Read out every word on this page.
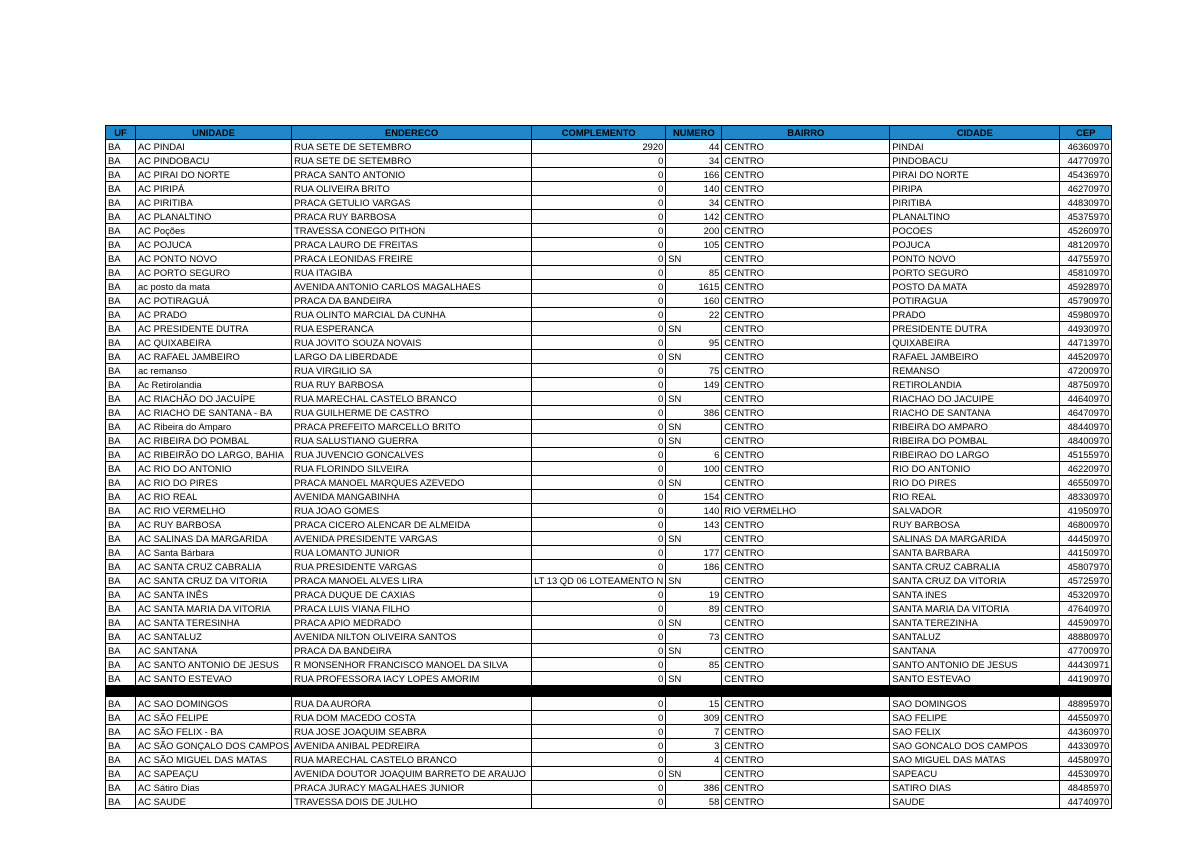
UF	UNIDADE	ENDERECO	COMPLEMENTO	NUMERO	BAIRRO	CIDADE	CEP
BA	AC PINDAI	RUA SETE DE SETEMBRO	2920	44	CENTRO	PINDAI	46360970
BA	AC PINDOBACU	RUA SETE DE SETEMBRO	0	34	CENTRO	PINDOBACU	44770970
BA	AC PIRAI DO NORTE	PRACA SANTO ANTONIO	0	166	CENTRO	PIRAI DO NORTE	45436970
BA	AC PIRIPÁ	RUA OLIVEIRA BRITO	0	140	CENTRO	PIRIPA	46270970
BA	AC PIRITIBA	PRACA GETULIO VARGAS	0	34	CENTRO	PIRITIBA	44830970
BA	AC PLANALTINO	PRACA RUY BARBOSA	0	142	CENTRO	PLANALTINO	45375970
BA	AC Poções	TRAVESSA CONEGO PITHON	0	200	CENTRO	POCOES	45260970
BA	AC POJUCA	PRACA LAURO DE FREITAS	0	105	CENTRO	POJUCA	48120970
BA	AC PONTO NOVO	PRACA LEONIDAS FREIRE	0	SN	CENTRO	PONTO NOVO	44755970
BA	AC PORTO SEGURO	RUA ITAGIBA	0	85	CENTRO	PORTO SEGURO	45810970
BA	ac posto da mata	AVENIDA ANTONIO CARLOS MAGALHAES	0	1615	CENTRO	POSTO DA MATA	45928970
BA	AC POTIRAGUÁ	PRACA DA BANDEIRA	0	160	CENTRO	POTIRAGUA	45790970
BA	AC PRADO	RUA OLINTO MARCIAL DA CUNHA	0	22	CENTRO	PRADO	45980970
BA	AC PRESIDENTE DUTRA	RUA ESPERANCA	0	SN	CENTRO	PRESIDENTE DUTRA	44930970
BA	AC QUIXABEIRA	RUA JOVITO SOUZA NOVAIS	0	95	CENTRO	QUIXABEIRA	44713970
BA	AC RAFAEL JAMBEIRO	LARGO DA LIBERDADE	0	SN	CENTRO	RAFAEL JAMBEIRO	44520970
BA	ac remanso	RUA VIRGILIO SA	0	75	CENTRO	REMANSO	47200970
BA	Ac Retirolandia	RUA RUY BARBOSA	0	149	CENTRO	RETIROLANDIA	48750970
BA	AC RIACHÃO DO JACUÍPE	RUA MARECHAL CASTELO BRANCO	0	SN	CENTRO	RIACHAO DO JACUIPE	44640970
BA	AC RIACHO DE SANTANA - BA	RUA GUILHERME DE CASTRO	0	386	CENTRO	RIACHO DE SANTANA	46470970
BA	AC Ribeira do Amparo	PRACA PREFEITO MARCELLO BRITO	0	SN	CENTRO	RIBEIRA DO AMPARO	48440970
BA	AC RIBEIRA DO POMBAL	RUA SALUSTIANO GUERRA	0	SN	CENTRO	RIBEIRA DO POMBAL	48400970
BA	AC RIBEIRÃO DO LARGO, BAHIA	RUA JUVENCIO GONCALVES	0	6	CENTRO	RIBEIRAO DO LARGO	45155970
BA	AC RIO DO ANTONIO	RUA FLORINDO SILVEIRA	0	100	CENTRO	RIO DO ANTONIO	46220970
BA	AC RIO DO PIRES	PRACA MANOEL MARQUES AZEVEDO	0	SN	CENTRO	RIO DO PIRES	46550970
BA	AC RIO REAL	AVENIDA MANGABINHA	0	154	CENTRO	RIO REAL	48330970
BA	AC RIO VERMELHO	RUA JOAO GOMES	0	140	RIO VERMELHO	SALVADOR	41950970
BA	AC RUY BARBOSA	PRACA CICERO ALENCAR DE ALMEIDA	0	143	CENTRO	RUY BARBOSA	46800970
BA	AC SALINAS DA MARGARIDA	AVENIDA PRESIDENTE VARGAS	0	SN	CENTRO	SALINAS DA MARGARIDA	44450970
BA	AC Santa Bárbara	RUA LOMANTO JUNIOR	0	177	CENTRO	SANTA BARBARA	44150970
BA	AC SANTA CRUZ CABRALIA	RUA PRESIDENTE VARGAS	0	186	CENTRO	SANTA CRUZ CABRALIA	45807970
BA	AC SANTA CRUZ DA VITORIA	PRACA MANOEL ALVES LIRA	LT 13 QD 06 LOTEAMENTO N	SN	CENTRO	SANTA CRUZ DA VITORIA	45725970
BA	AC SANTA INÊS	PRACA DUQUE DE CAXIAS	0	19	CENTRO	SANTA INES	45320970
BA	AC SANTA MARIA DA VITORIA	PRACA LUIS VIANA FILHO	0	89	CENTRO	SANTA MARIA DA VITORIA	47640970
BA	AC SANTA TERESINHA	PRACA APIO MEDRADO	0	SN	CENTRO	SANTA TEREZINHA	44590970
BA	AC SANTALUZ	AVENIDA NILTON OLIVEIRA SANTOS	0	73	CENTRO	SANTALUZ	48880970
BA	AC SANTANA	PRACA DA BANDEIRA	0	SN	CENTRO	SANTANA	47700970
BA	AC SANTO ANTONIO DE JESUS	R MONSENHOR FRANCISCO MANOEL DA SILVA	0	85	CENTRO	SANTO ANTONIO DE JESUS	44430971
BA	AC SANTO ESTEVAO	RUA PROFESSORA IACY LOPES AMORIM	0	SN	CENTRO	SANTO ESTEVAO	44190970

BA	AC SAO DOMINGOS	RUA DA AURORA	0	15	CENTRO	SAO DOMINGOS	48895970
BA	AC SÃO FELIPE	RUA DOM MACEDO COSTA	0	309	CENTRO	SAO FELIPE	44550970
BA	AC SÃO FELIX - BA	RUA JOSE JOAQUIM SEABRA	0	7	CENTRO	SAO FELIX	44360970
BA	AC SÃO GONÇALO DOS CAMPOS	AVENIDA ANIBAL PEDREIRA	0	3	CENTRO	SAO GONCALO DOS CAMPOS	44330970
BA	AC SÃO MIGUEL DAS MATAS	RUA MARECHAL CASTELO BRANCO	0	4	CENTRO	SAO MIGUEL DAS MATAS	44580970
BA	AC SAPEAÇU	AVENIDA DOUTOR JOAQUIM BARRETO DE ARAUJO	0	SN	CENTRO	SAPEACU	44530970
BA	AC Sátiro Dias	PRACA JURACY MAGALHAES JUNIOR	0	386	CENTRO	SATIRO DIAS	48485970
BA	AC SAUDE	TRAVESSA DOIS DE JULHO	0	58	CENTRO	SAUDE	44740970
